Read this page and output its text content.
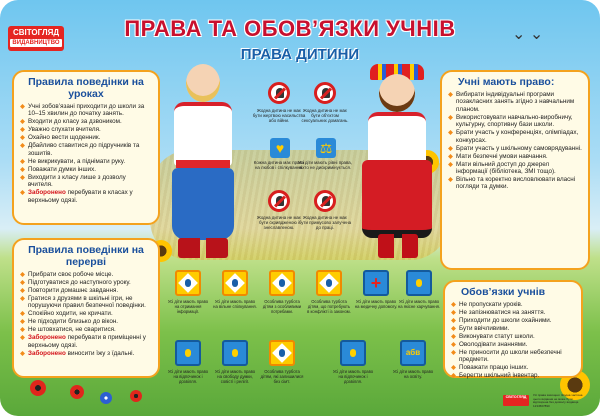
СВІТОГЛЯД
ВИДАВНИЦТВО
ПРАВА ТА ОБОВ’ЯЗКИ УЧНІВ
ПРАВА ДИТИНИ
⌄ ⌄
Правила поведінки на уроках
Учні зобов’язані приходити до школи за 10–15 хвилин до початку занять.
Входити до класу за дзвоником.
Уважно слухати вчителя.
Охайно вести щоденник.
Дбайливо ставитися до підручників та зошитів.
Не викрикувати, а піднімати руку.
Поважати думки інших.
Виходити з класу лише з дозволу вчителя.
Заборонено перебувати в класах у верхньому одязі.
Правила поведінки на перерві
Прибрати своє робоче місце.
Підготуватися до наступного уроку.
Повторити домашнє завдання.
Гратися з друзями в шкільні ігри, не порушуючи правил безпечної поведінки.
Спокійно ходити, не кричати.
Не підходити близько до вікон.
Не штовхатися, не сваритися.
Заборонено перебувати в приміщенні у верхньому одязі.
Заборонено виносити їжу з їдальні.
Учні мають право:
Вибирати індивідуальні програми позакласних занять згідно з навчальним планом.
Використовувати навчально-виробничу, культурну, спортивну бази школи.
Брати участь у конференціях, олімпіадах, конкурсах.
Брати участь у шкільному самоврядуванні.
Мати безпечні умови навчання.
Мати вільний доступ до джерел інформації (бібліотека, ЗМІ тощо).
Вільно та коректно висловлювати власні погляди та думки.
Обов’язки учнів
Не пропускати уроків.
Не запізнюватися на заняття.
Приходити до школи охайними.
Бути ввічливими.
Виконувати статут школи.
Оволодівати знаннями.
Не приносити до школи небезпечні предмети.
Поважати працю інших.
Берегти шкільний інвентар.
Жодна дитина не має бути жертвою насильства або війни.
Жодна дитина не має бути об’єктом сексуальних домагань.
♥
Кожна дитина має право на любов і спілкування.
⚖
Усі діти мають рівні права, ніхто не дискримінується.
Жодна дитина не має бути скривдженою і знеславленою.
Жодна дитина не має бути примусово залучена до праці.
Усі діти мають право на отримання інформації.
Усі діти мають право на вільне спілкування.
Особлива турбота дітям з особливими потребами.
Особлива турбота дітям, що потребують в конфлікті із законом.
+
Усі діти мають право на медичну допомогу.
Усі діти мають право на якісне харчування.
Усі діти мають право на відпочинок і дозвілля.
Усі діти мають право на свободу думки, совісті і релігії.
Особлива турбота дітям, які залишилися без сім’ї.
Усі діти мають право на відпочинок і дозвілля.
абв
Усі діти мають право на освіту.
СВІТОГЛЯД	Усі права захищені. Жодна частина цього видання не може бути відтворена без дозволу видавця. 1234567890
